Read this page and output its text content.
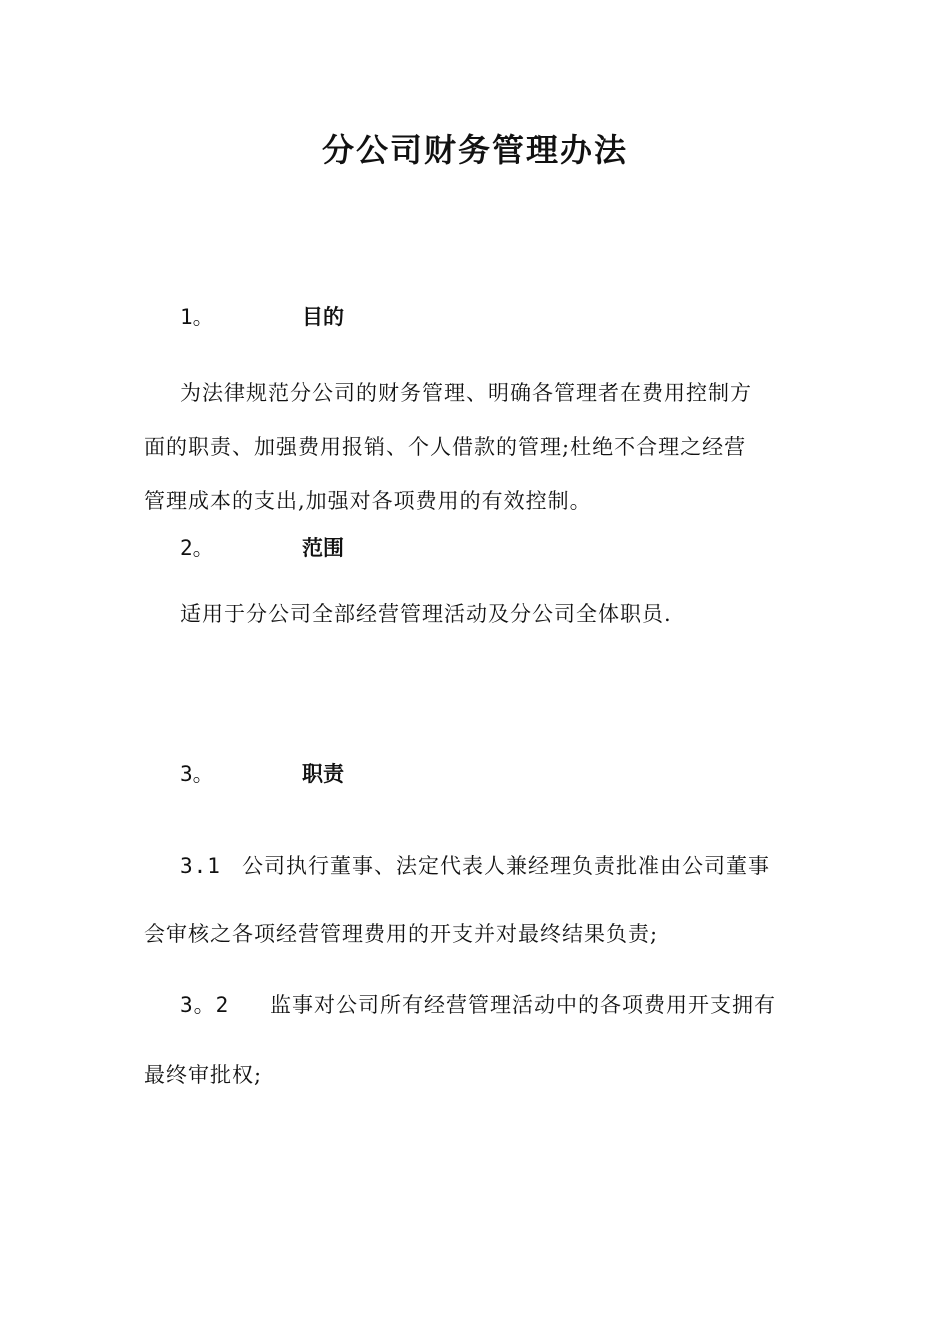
分公司财务管理办法
1。	目的
为法律规范分公司的财务管理、明确各管理者在费用控制方
面的职责、加强费用报销、个人借款的管理;杜绝不合理之经营
管理成本的支出,加强对各项费用的有效控制。
2。	范围
适用于分公司全部经营管理活动及分公司全体职员.
3。	职责
3.1 公司执行董事、法定代表人兼经理负责批准由公司董事
会审核之各项经营管理费用的开支并对最终结果负责;
3。2 监事对公司所有经营管理活动中的各项费用开支拥有
最终审批权;
